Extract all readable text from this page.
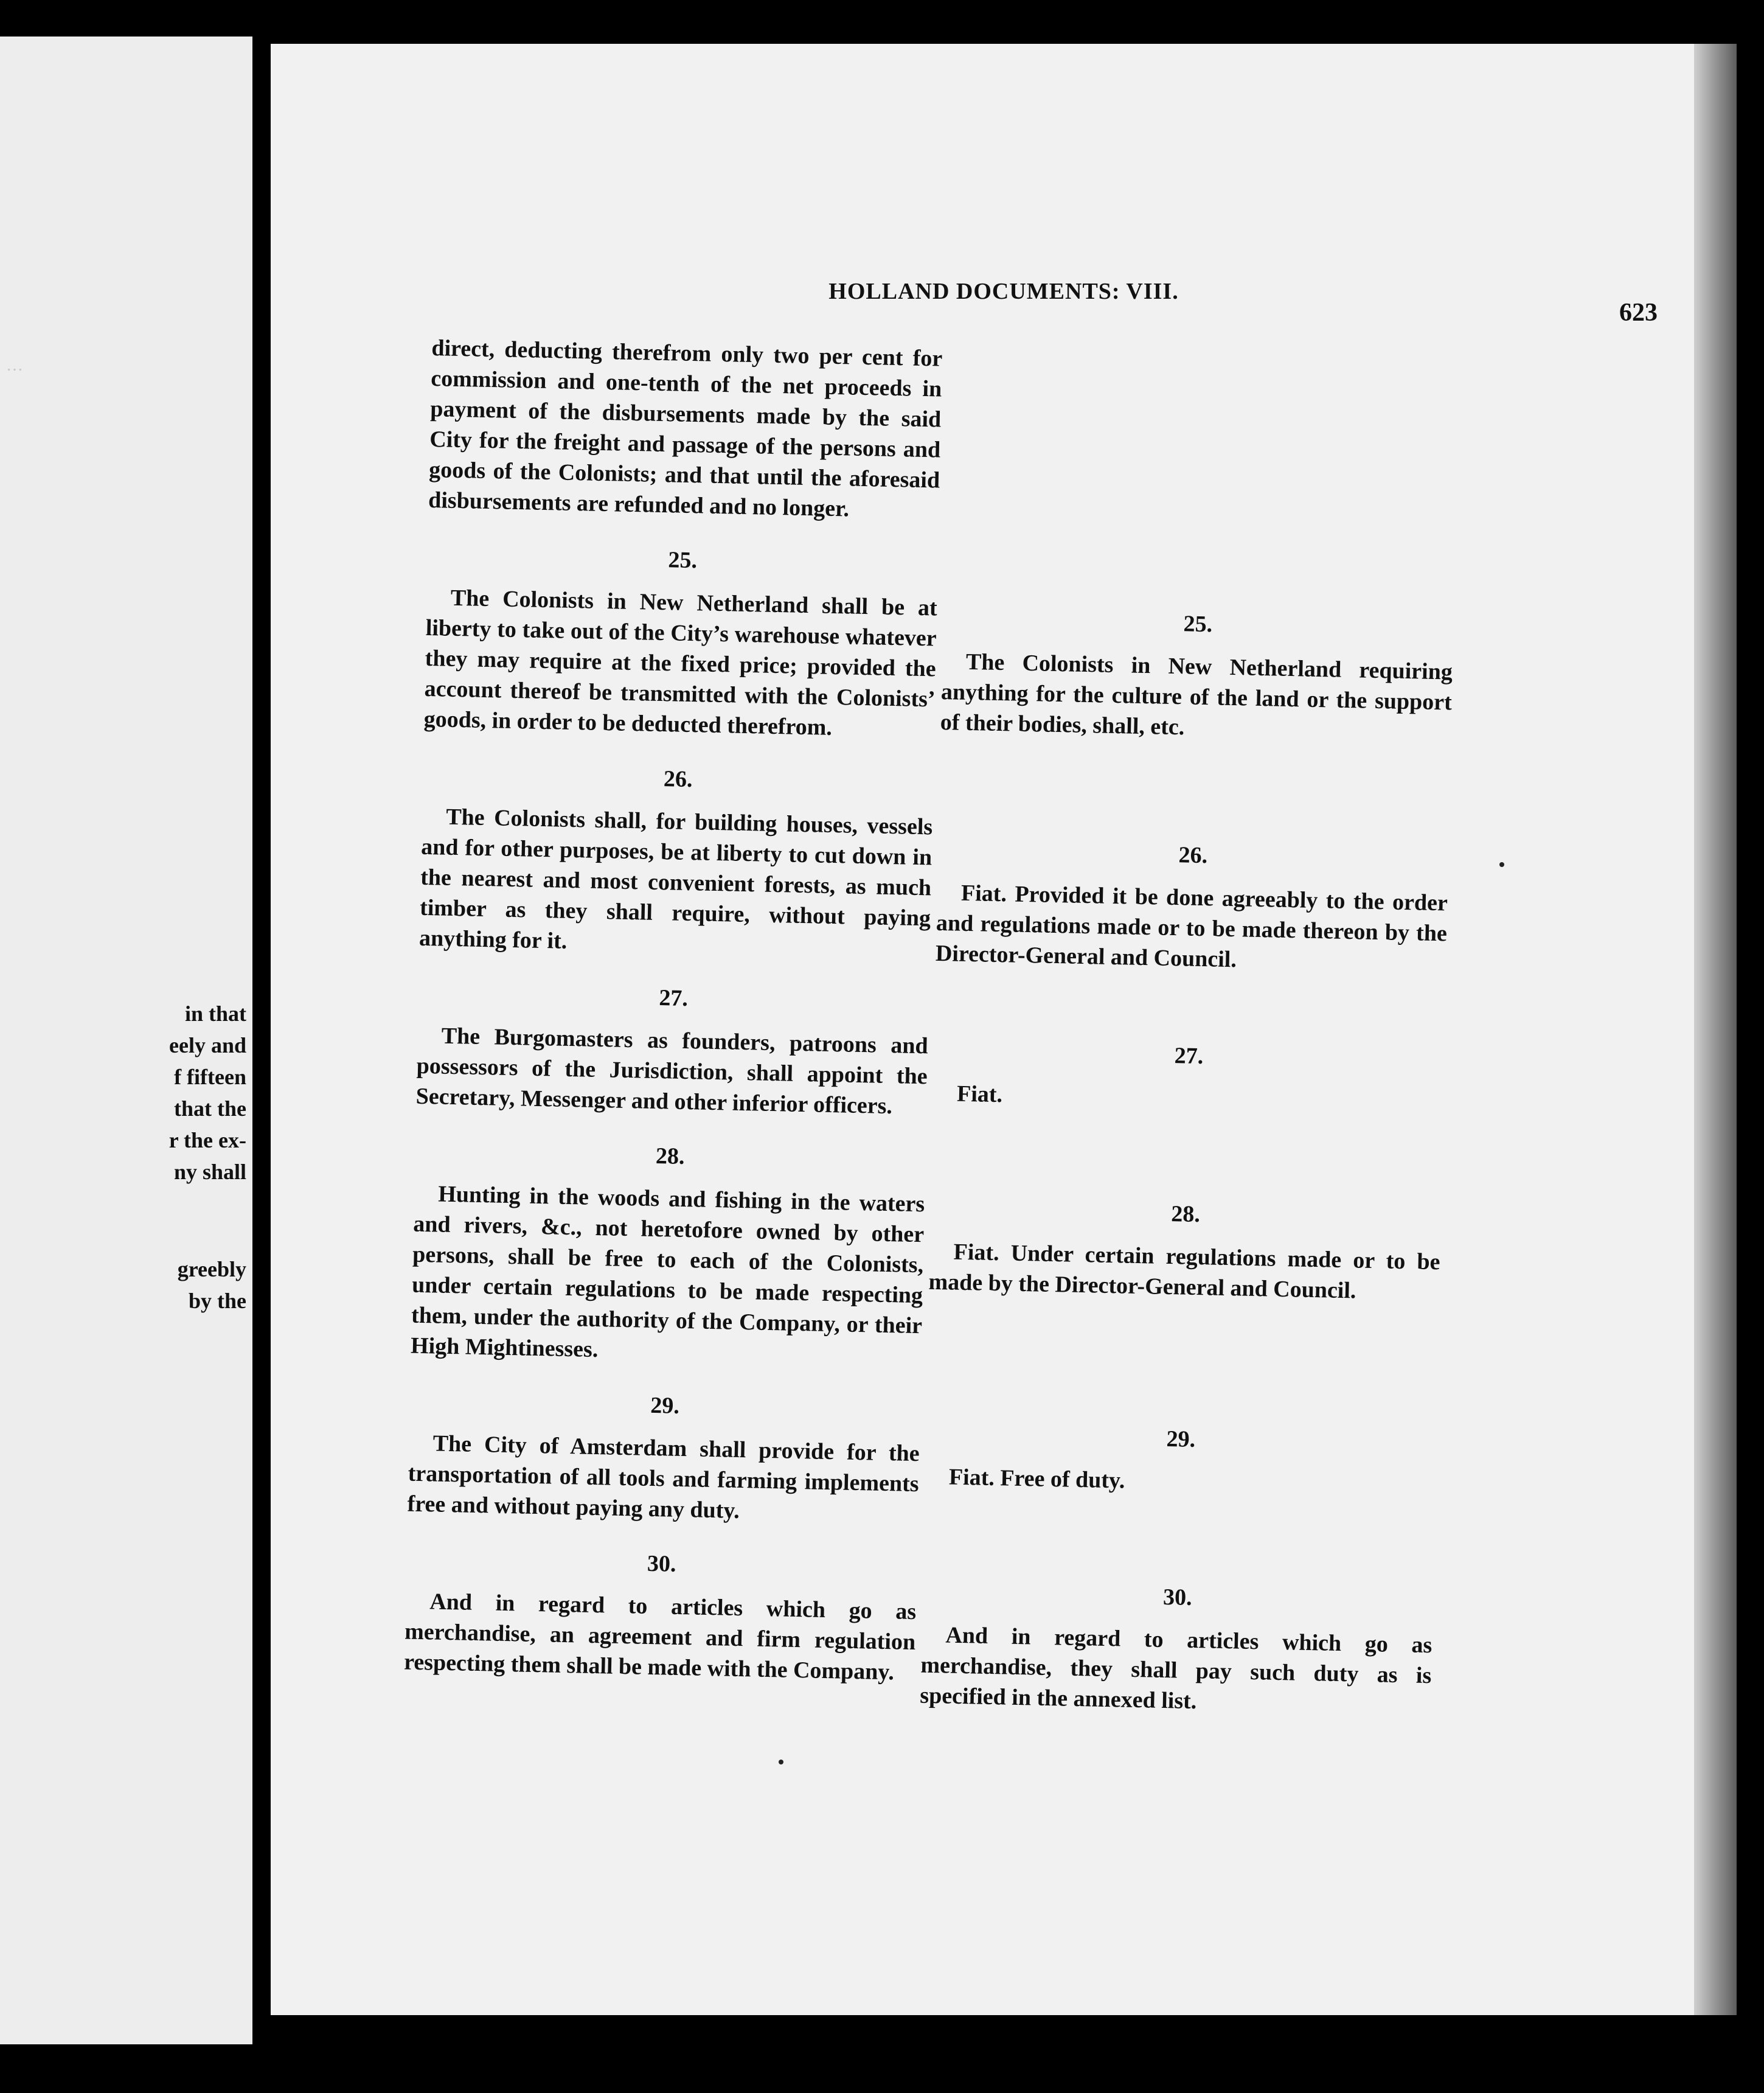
…
in that
eely and
f fifteen
that the
r the ex-
ny shall
greebly
by the
HOLLAND DOCUMENTS: VIII.
623

direct, deducting therefrom only two per cent for commission and one-tenth of the net proceeds in payment of the disbursements made by the said City for the freight and passage of the persons and goods of the Colonists; and that until the aforesaid disbursements are refunded and no longer.

25.

The Colonists in New Netherland shall be at liberty to take out of the City’s warehouse whatever they may require at the fixed price; provided the account thereof be transmitted with the Colonists’ goods, in order to be deducted therefrom.

26.

The Colonists shall, for building houses, vessels and for other purposes, be at liberty to cut down in the nearest and most convenient forests, as much timber as they shall require, without paying anything for it.

27.

The Burgomasters as founders, patroons and possessors of the Jurisdiction, shall appoint the Secretary, Messenger and other inferior officers.

28.

Hunting in the woods and fishing in the waters and rivers, &c., not heretofore owned by other persons, shall be free to each of the Colonists, under certain regulations to be made respecting them, under the authority of the Company, or their High Mightinesses.

29.

The City of Amsterdam shall provide for the transportation of all tools and farming implements free and without paying any duty.

30.

And in regard to articles which go as merchandise, an agreement and firm regulation respecting them shall be made with the Company.

25.

The Colonists in New Netherland requiring anything for the culture of the land or the support of their bodies, shall, etc.

26.

Fiat. Provided it be done agreeably to the order and regulations made or to be made thereon by the Director-General and Council.

27.

Fiat.

28.

Fiat. Under certain regulations made or to be made by the Director-General and Council.

29.

Fiat. Free of duty.

30.

And in regard to articles which go as merchandise, they shall pay such duty as is specified in the annexed list.
